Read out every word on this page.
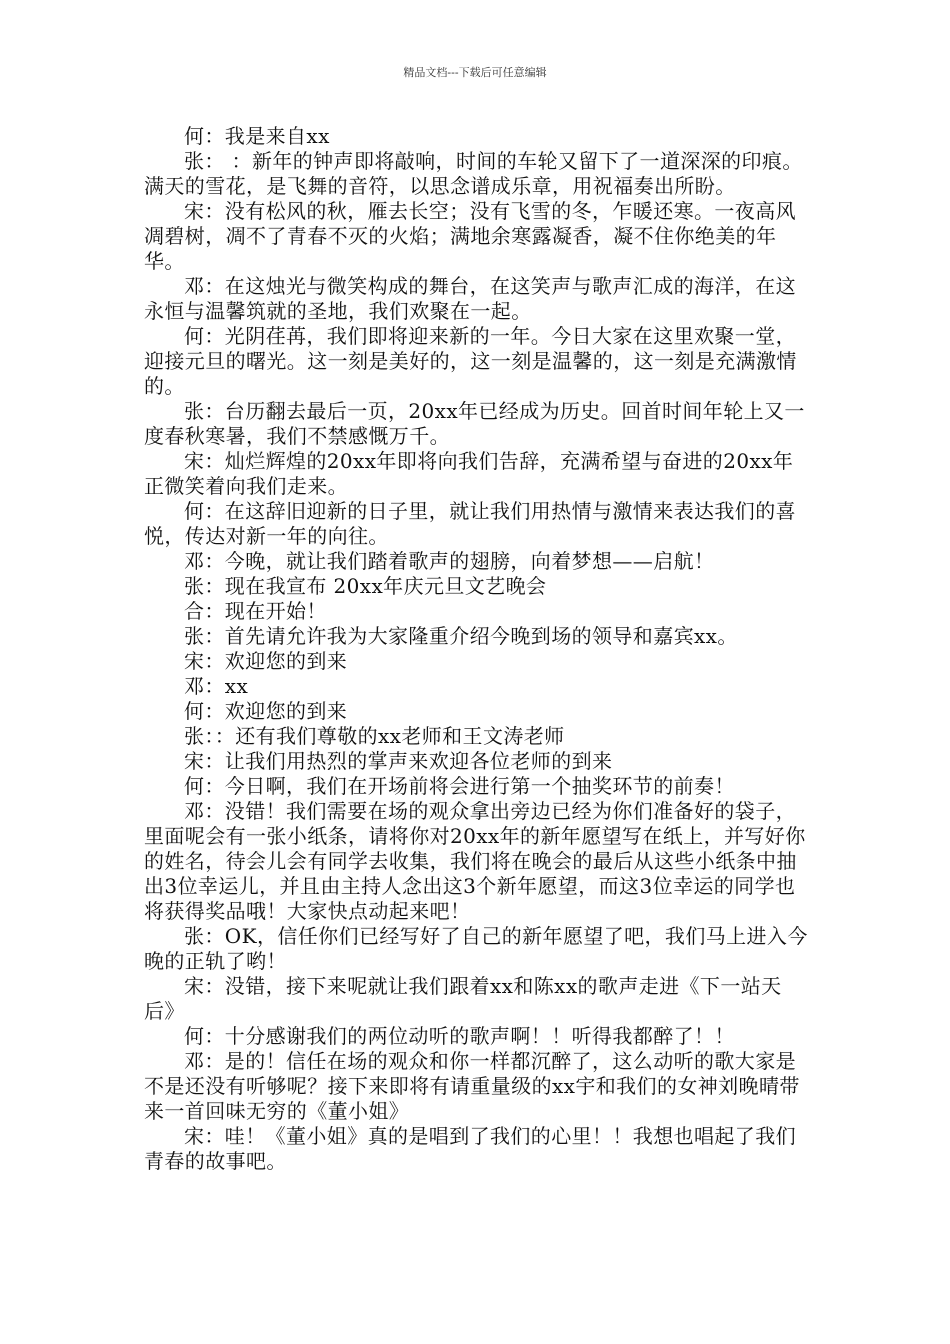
精品文档---下载后可任意编辑

何：我是来自xx

张： ：新年的钟声即将敲响，时间的车轮又留下了一道深深的印痕。 满天的雪花，是飞舞的音符，以思念谱成乐章，用祝福奏出所盼。

宋：没有松风的秋，雁去长空；没有飞雪的冬，乍暖还寒。一夜高风凋碧树，凋不了青春不灭的火焰；满地余寒露凝香，凝不住你绝美的年华。

邓：在这烛光与微笑构成的舞台，在这笑声与歌声汇成的海洋，在这永恒与温馨筑就的圣地，我们欢聚在一起。

何：光阴荏苒，我们即将迎来新的一年。今日大家在这里欢聚一堂，迎接元旦的曙光。这一刻是美好的，这一刻是温馨的，这一刻是充满激情的。

张：台历翻去最后一页，20xx年已经成为历史。回首时间年轮上又一度春秋寒暑，我们不禁感慨万千。

宋：灿烂辉煌的20xx年即将向我们告辞，充满希望与奋进的20xx年正微笑着向我们走来。

何：在这辞旧迎新的日子里，就让我们用热情与激情来表达我们的喜悦，传达对新一年的向往。

邓：今晚，就让我们踏着歌声的翅膀，向着梦想——启航！

张：现在我宣布 20xx年庆元旦文艺晚会

合：现在开始！

张：首先请允许我为大家隆重介绍今晚到场的领导和嘉宾xx。

宋：欢迎您的到来

邓：xx

何：欢迎您的到来

张：：还有我们尊敬的xx老师和王文涛老师

宋：让我们用热烈的掌声来欢迎各位老师的到来

何：今日啊，我们在开场前将会进行第一个抽奖环节的前奏！

邓：没错！我们需要在场的观众拿出旁边已经为你们准备好的袋子，里面呢会有一张小纸条，请将你对20xx年的新年愿望写在纸上，并写好你的姓名，待会儿会有同学去收集，我们将在晚会的最后从这些小纸条中抽出3位幸运儿，并且由主持人念出这3个新年愿望，而这3位幸运的同学也将获得奖品哦！大家快点动起来吧！

张：OK，信任你们已经写好了自己的新年愿望了吧，我们马上进入今晚的正轨了哟！

宋：没错，接下来呢就让我们跟着xx和陈xx的歌声走进《下一站天后》

何：十分感谢我们的两位动听的歌声啊！！听得我都醉了！！

邓：是的！信任在场的观众和你一样都沉醉了，这么动听的歌大家是不是还没有听够呢？接下来即将有请重量级的xx宇和我们的女神刘晚晴带来一首回味无穷的《董小姐》

宋：哇！《董小姐》真的是唱到了我们的心里！！我想也唱起了我们青春的故事吧。
